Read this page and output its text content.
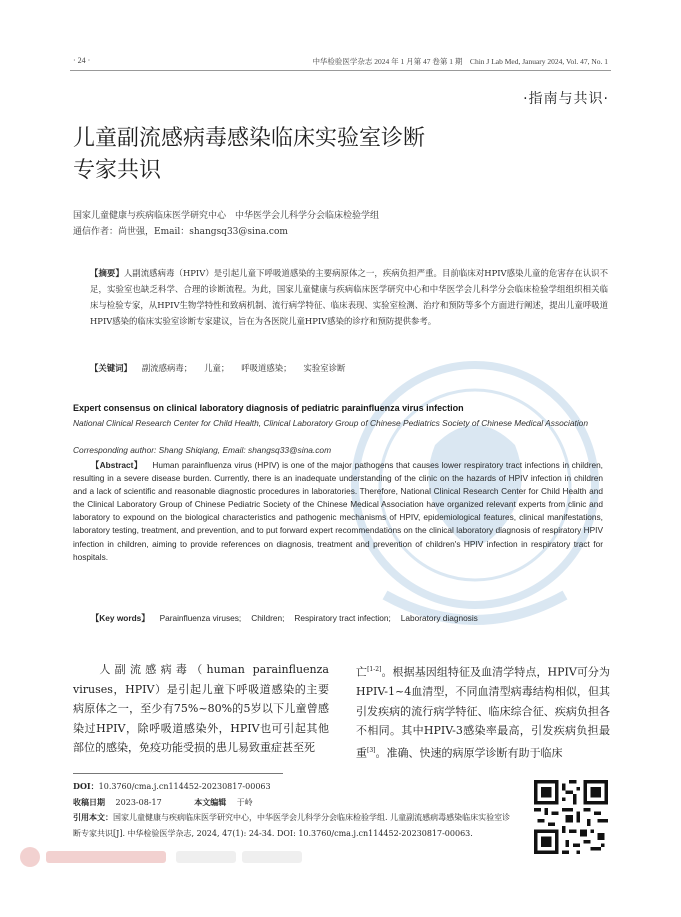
· 24 ·	中华检验医学杂志 2024 年 1 月第 47 卷第 1 期　Chin J Lab Med, January 2024, Vol. 47, No. 1
·指南与共识·
儿童副流感病毒感染临床实验室诊断
专家共识
国家儿童健康与疾病临床医学研究中心　中华医学会儿科学分会临床检验学组
通信作者：尚世强，Email：shangsq33@sina.com
【摘要】人副流感病毒（HPIV）是引起儿童下呼吸道感染的主要病原体之一，疾病负担严重。目前临床对HPIV感染儿童的危害存在认识不足，实验室也缺乏科学、合理的诊断流程。为此，国家儿童健康与疾病临床医学研究中心和中华医学会儿科学分会临床检验学组组织相关临床与检验专家，从HPIV生物学特性和致病机制、流行病学特征、临床表现、实验室检测、治疗和预防等多个方面进行阐述，提出儿童呼吸道HPIV感染的临床实验室诊断专家建议，旨在为各医院儿童HPIV感染的诊疗和预防提供参考。
【关键词】 副流感病毒； 儿童； 呼吸道感染； 实验室诊断
Expert consensus on clinical laboratory diagnosis of pediatric parainfluenza virus infection
National Clinical Research Center for Child Health, Clinical Laboratory Group of Chinese Pediatrics Society of Chinese Medical Association
Corresponding author: Shang Shiqiang, Email: shangsq33@sina.com
【Abstract】 Human parainfluenza virus (HPIV) is one of the major pathogens that causes lower respiratory tract infections in children, resulting in a severe disease burden. Currently, there is an inadequate understanding of the clinic on the hazards of HPIV infection in children and a lack of scientific and reasonable diagnostic procedures in laboratories. Therefore, National Clinical Research Center for Child Health and the Clinical Laboratory Group of Chinese Pediatric Society of the Chinese Medical Association have organized relevant experts from clinic and laboratory to expound on the biological characteristics and pathogenic mechanisms of HPIV, epidemiological features, clinical manifestations, laboratory testing, treatment, and prevention, and to put forward expert recommendations on the clinical laboratory diagnosis of respiratory HPIV infection in children, aiming to provide references on diagnosis, treatment and prevention of children's HPIV infection in respiratory tract for hospitals.
【Key words】 Parainfluenza viruses; Children; Respiratory tract infection; Laboratory diagnosis
人副流感病毒（human parainfluenza viruses，HPIV）是引起儿童下呼吸道感染的主要病原体之一，至少有75%~80%的5岁以下儿童曾感染过HPIV，除呼吸道感染外，HPIV也可引起其他部位的感染，免疫功能受损的患儿易致重症甚至死
亡[1-2]。根据基因组特征及血清学特点，HPIV可分为HPIV-1~4血清型，不同血清型病毒结构相似，但其引发疾病的流行病学特征、临床综合征、疾病负担各不相同。其中HPIV-3感染率最高，引发疾病负担最重[3]。准确、快速的病原学诊断有助于临床
DOI：10.3760/cma.j.cn114452-20230817-00063
收稿日期 2023-08-17	本文编辑 于岭
引用本文：国家儿童健康与疾病临床医学研究中心，中华医学会儿科学分会临床检验学组. 儿童副流感病毒感染临床实验室诊断专家共识[J]. 中华检验医学杂志, 2024, 47(1): 24-34. DOI: 10.3760/cma.j.cn114452-20230817-00063.
